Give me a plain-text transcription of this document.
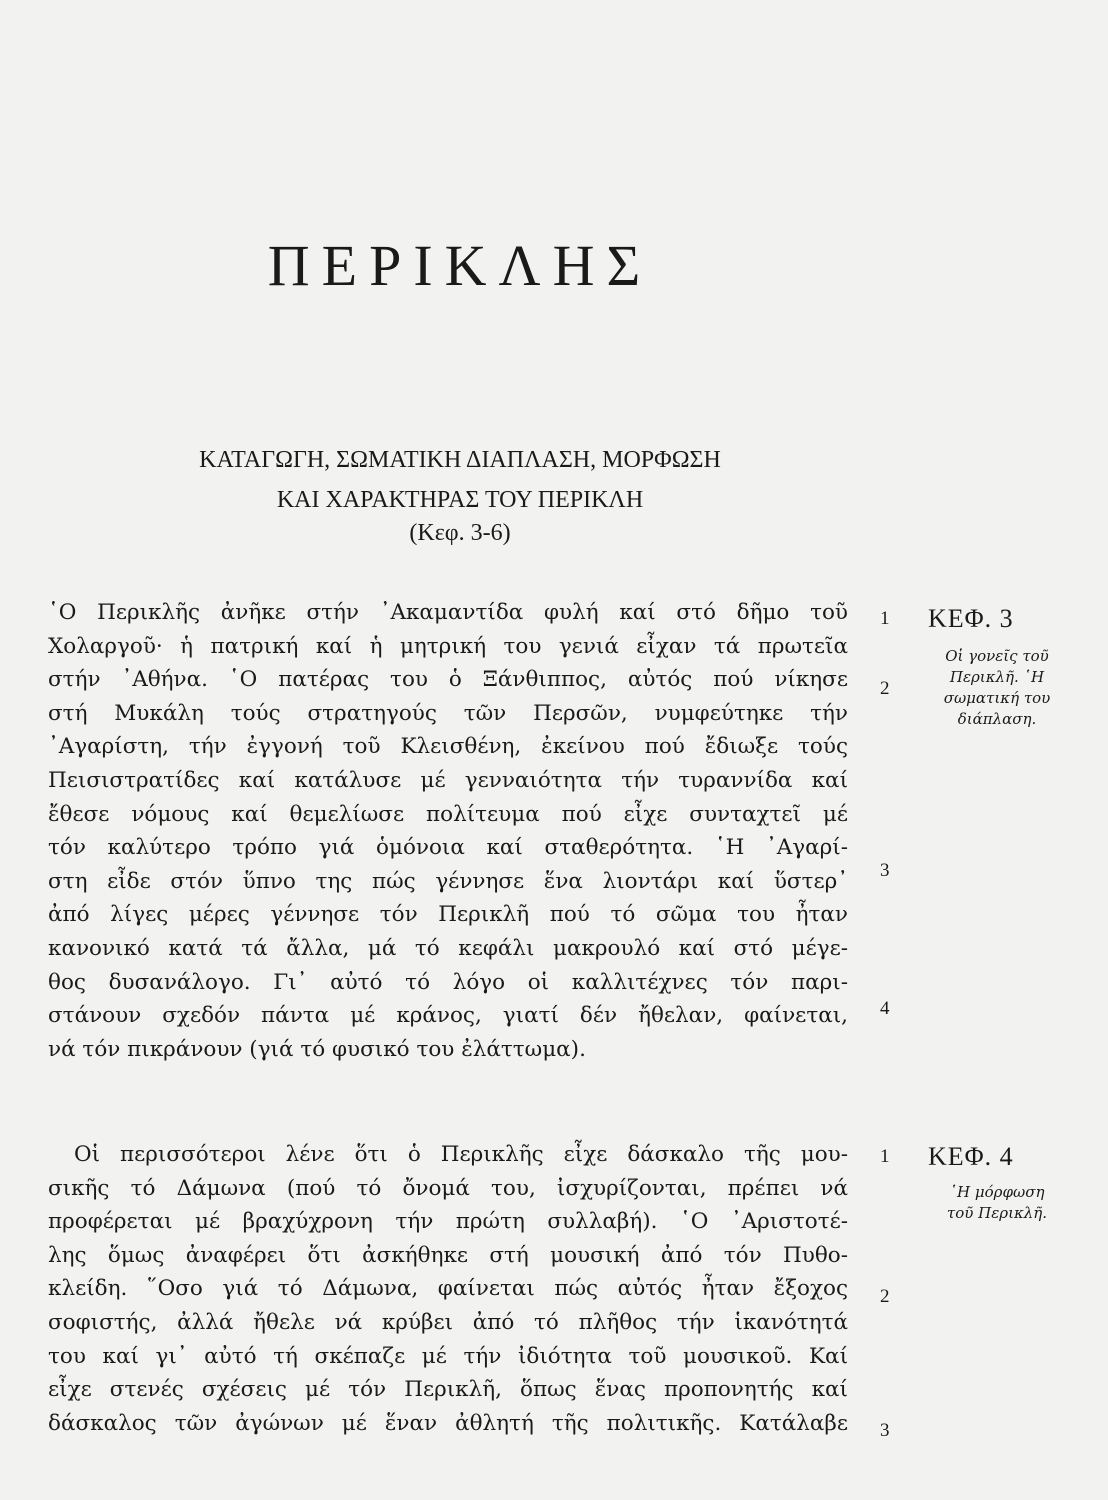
ΠΕΡΙΚΛΗΣ
ΚΑΤΑΓΩΓΗ, ΣΩΜΑΤΙΚΗ ΔΙΑΠΛΑΣΗ, ΜΟΡΦΩΣΗ
ΚΑΙ ΧΑΡΑΚΤΗΡΑΣ ΤΟΥ ΠΕΡΙΚΛΗ
(Κεφ. 3-6)
῾Ο Περικλῆς ἀνῆκε στήν ᾿Ακαμαντίδα φυλή καί στό δῆμο τοῦ
Χολαργοῦ· ἡ πατρική καί ἡ μητρική του γενιά εἶχαν τά πρωτεῖα
στήν ᾿Αθήνα. ῾Ο πατέρας του ὁ Ξάνθιππος, αὐτός πού νίκησε
στή Μυκάλη τούς στρατηγούς τῶν Περσῶν, νυμφεύτηκε τήν
᾿Αγαρίστη, τήν ἐγγονή τοῦ Κλεισθένη, ἐκείνου πού ἔδιωξε τούς
Πεισιστρατίδες καί κατάλυσε μέ γενναιότητα τήν τυραννίδα καί
ἔθεσε νόμους καί θεμελίωσε πολίτευμα πού εἶχε συνταχτεῖ μέ
τόν καλύτερο τρόπο γιά ὁμόνοια καί σταθερότητα. ῾Η ᾿Αγαρί-
στη εἶδε στόν ὕπνο της πώς γέννησε ἕνα λιοντάρι καί ὕστερ᾿
ἀπό λίγες μέρες γέννησε τόν Περικλῆ πού τό σῶμα του ἦταν
κανονικό κατά τά ἄλλα, μά τό κεφάλι μακρουλό καί στό μέγε-
θος δυσανάλογο. Γι᾿ αὐτό τό λόγο οἱ καλλιτέχνες τόν παρι-
στάνουν σχεδόν πάντα μέ κράνος, γιατί δέν ἤθελαν, φαίνεται,
νά τόν πικράνουν (γιά τό φυσικό του ἐλάττωμα).
Οἱ περισσότεροι λένε ὅτι ὁ Περικλῆς εἶχε δάσκαλο τῆς μου-
σικῆς τό Δάμωνα (πού τό ὄνομά του, ἰσχυρίζονται, πρέπει νά
προφέρεται μέ βραχύχρονη τήν πρώτη συλλαβή). ῾Ο ᾿Αριστοτέ-
λης ὅμως ἀναφέρει ὅτι ἀσκήθηκε στή μουσική ἀπό τόν Πυθο-
κλείδη. ῞Οσο γιά τό Δάμωνα, φαίνεται πώς αὐτός ἦταν ἔξοχος
σοφιστής, ἀλλά ἤθελε νά κρύβει ἀπό τό πλῆθος τήν ἱκανότητά
του καί γι᾿ αὐτό τή σκέπαζε μέ τήν ἰδιότητα τοῦ μουσικοῦ. Καί
εἶχε στενές σχέσεις μέ τόν Περικλῆ, ὅπως ἕνας προπονητής καί
δάσκαλος τῶν ἀγώνων μέ ἕναν ἀθλητή τῆς πολιτικῆς. Κατάλαβε
1
2
3
4
1
2
3
ΚΕΦ. 3
Οἱ γονεῖς τοῦ
Περικλῆ. ῾Η
σωματική του
διάπλαση.
ΚΕΦ. 4
῾Η μόρφωση
τοῦ Περικλῆ.
